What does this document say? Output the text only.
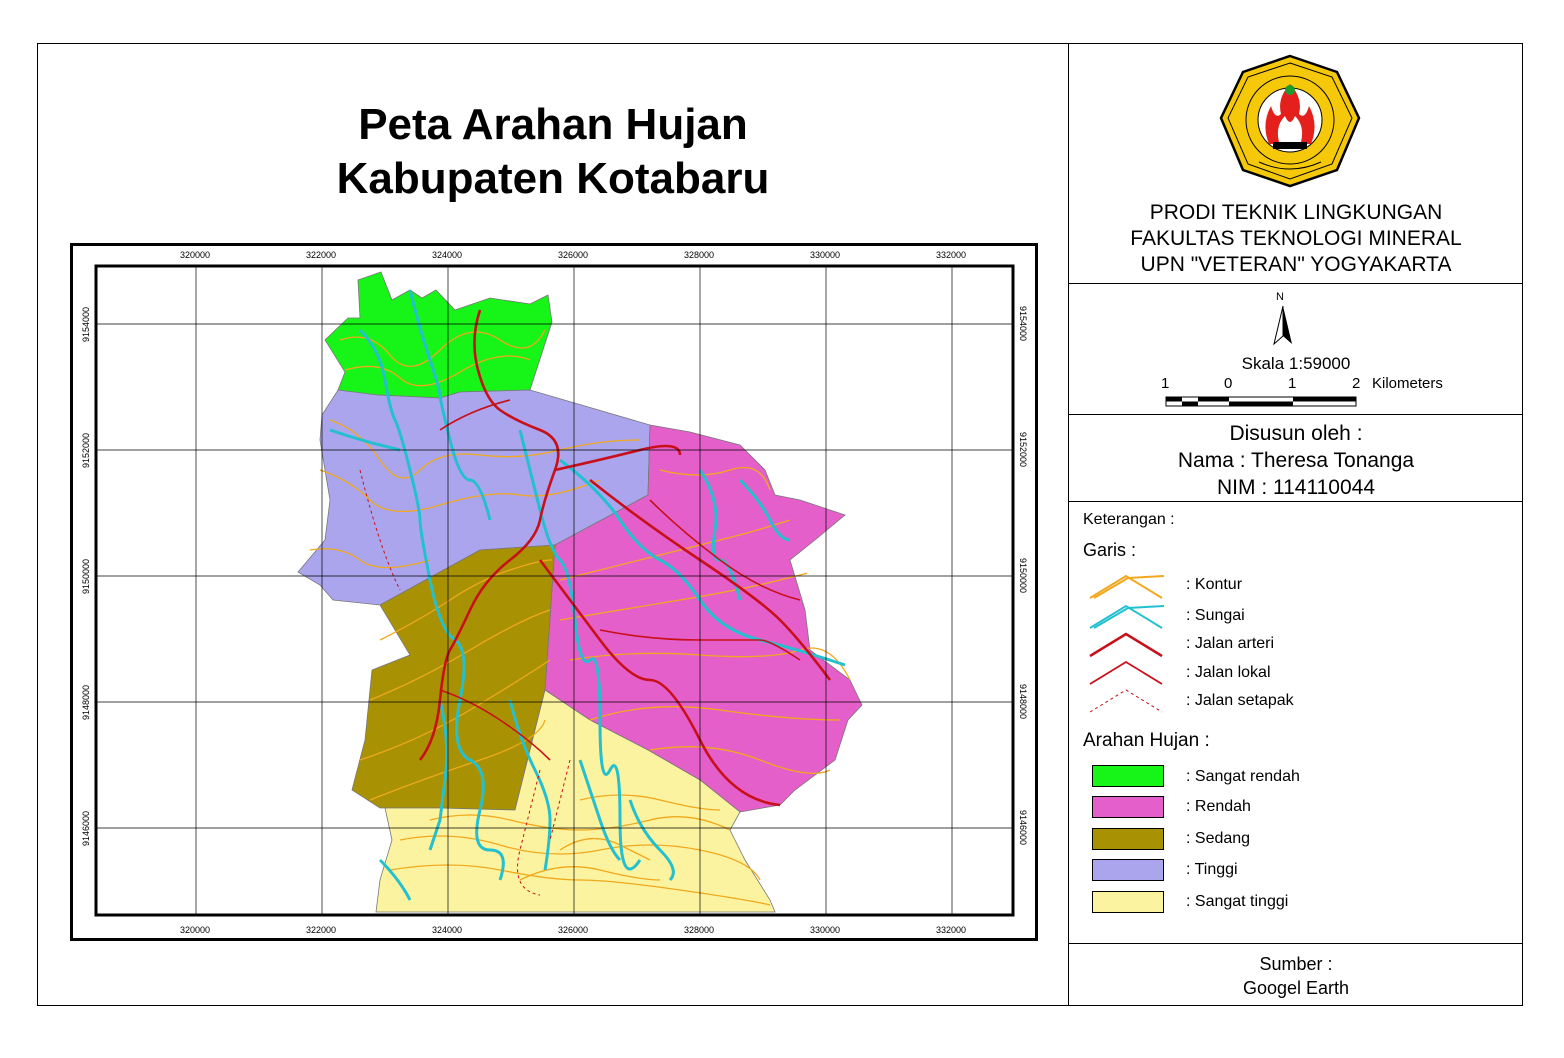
Peta Arahan Hujan
Kabupaten Kotabaru
320000	322000	324000	326000	328000	330000	332000
320000	322000	324000	326000	328000	330000	332000
9154000
9152000
9150000
9148000
9146000
9154000
9152000
9150000
9148000
9146000
PRODI TEKNIK LINGKUNGAN
FAKULTAS TEKNOLOGI MINERAL
UPN "VETERAN" YOGYAKARTA
N
Skala 1:59000
1	0	1	2 Kilometers
Disusun oleh :
Nama : Theresa Tonanga
NIM : 114110044
Keterangan :
Garis :
: Kontur
: Sungai
: Jalan arteri
: Jalan lokal
: Jalan setapak
Arahan Hujan :
: Sangat rendah
: Rendah
: Sedang
: Tinggi
: Sangat tinggi
Sumber :
Googel Earth
